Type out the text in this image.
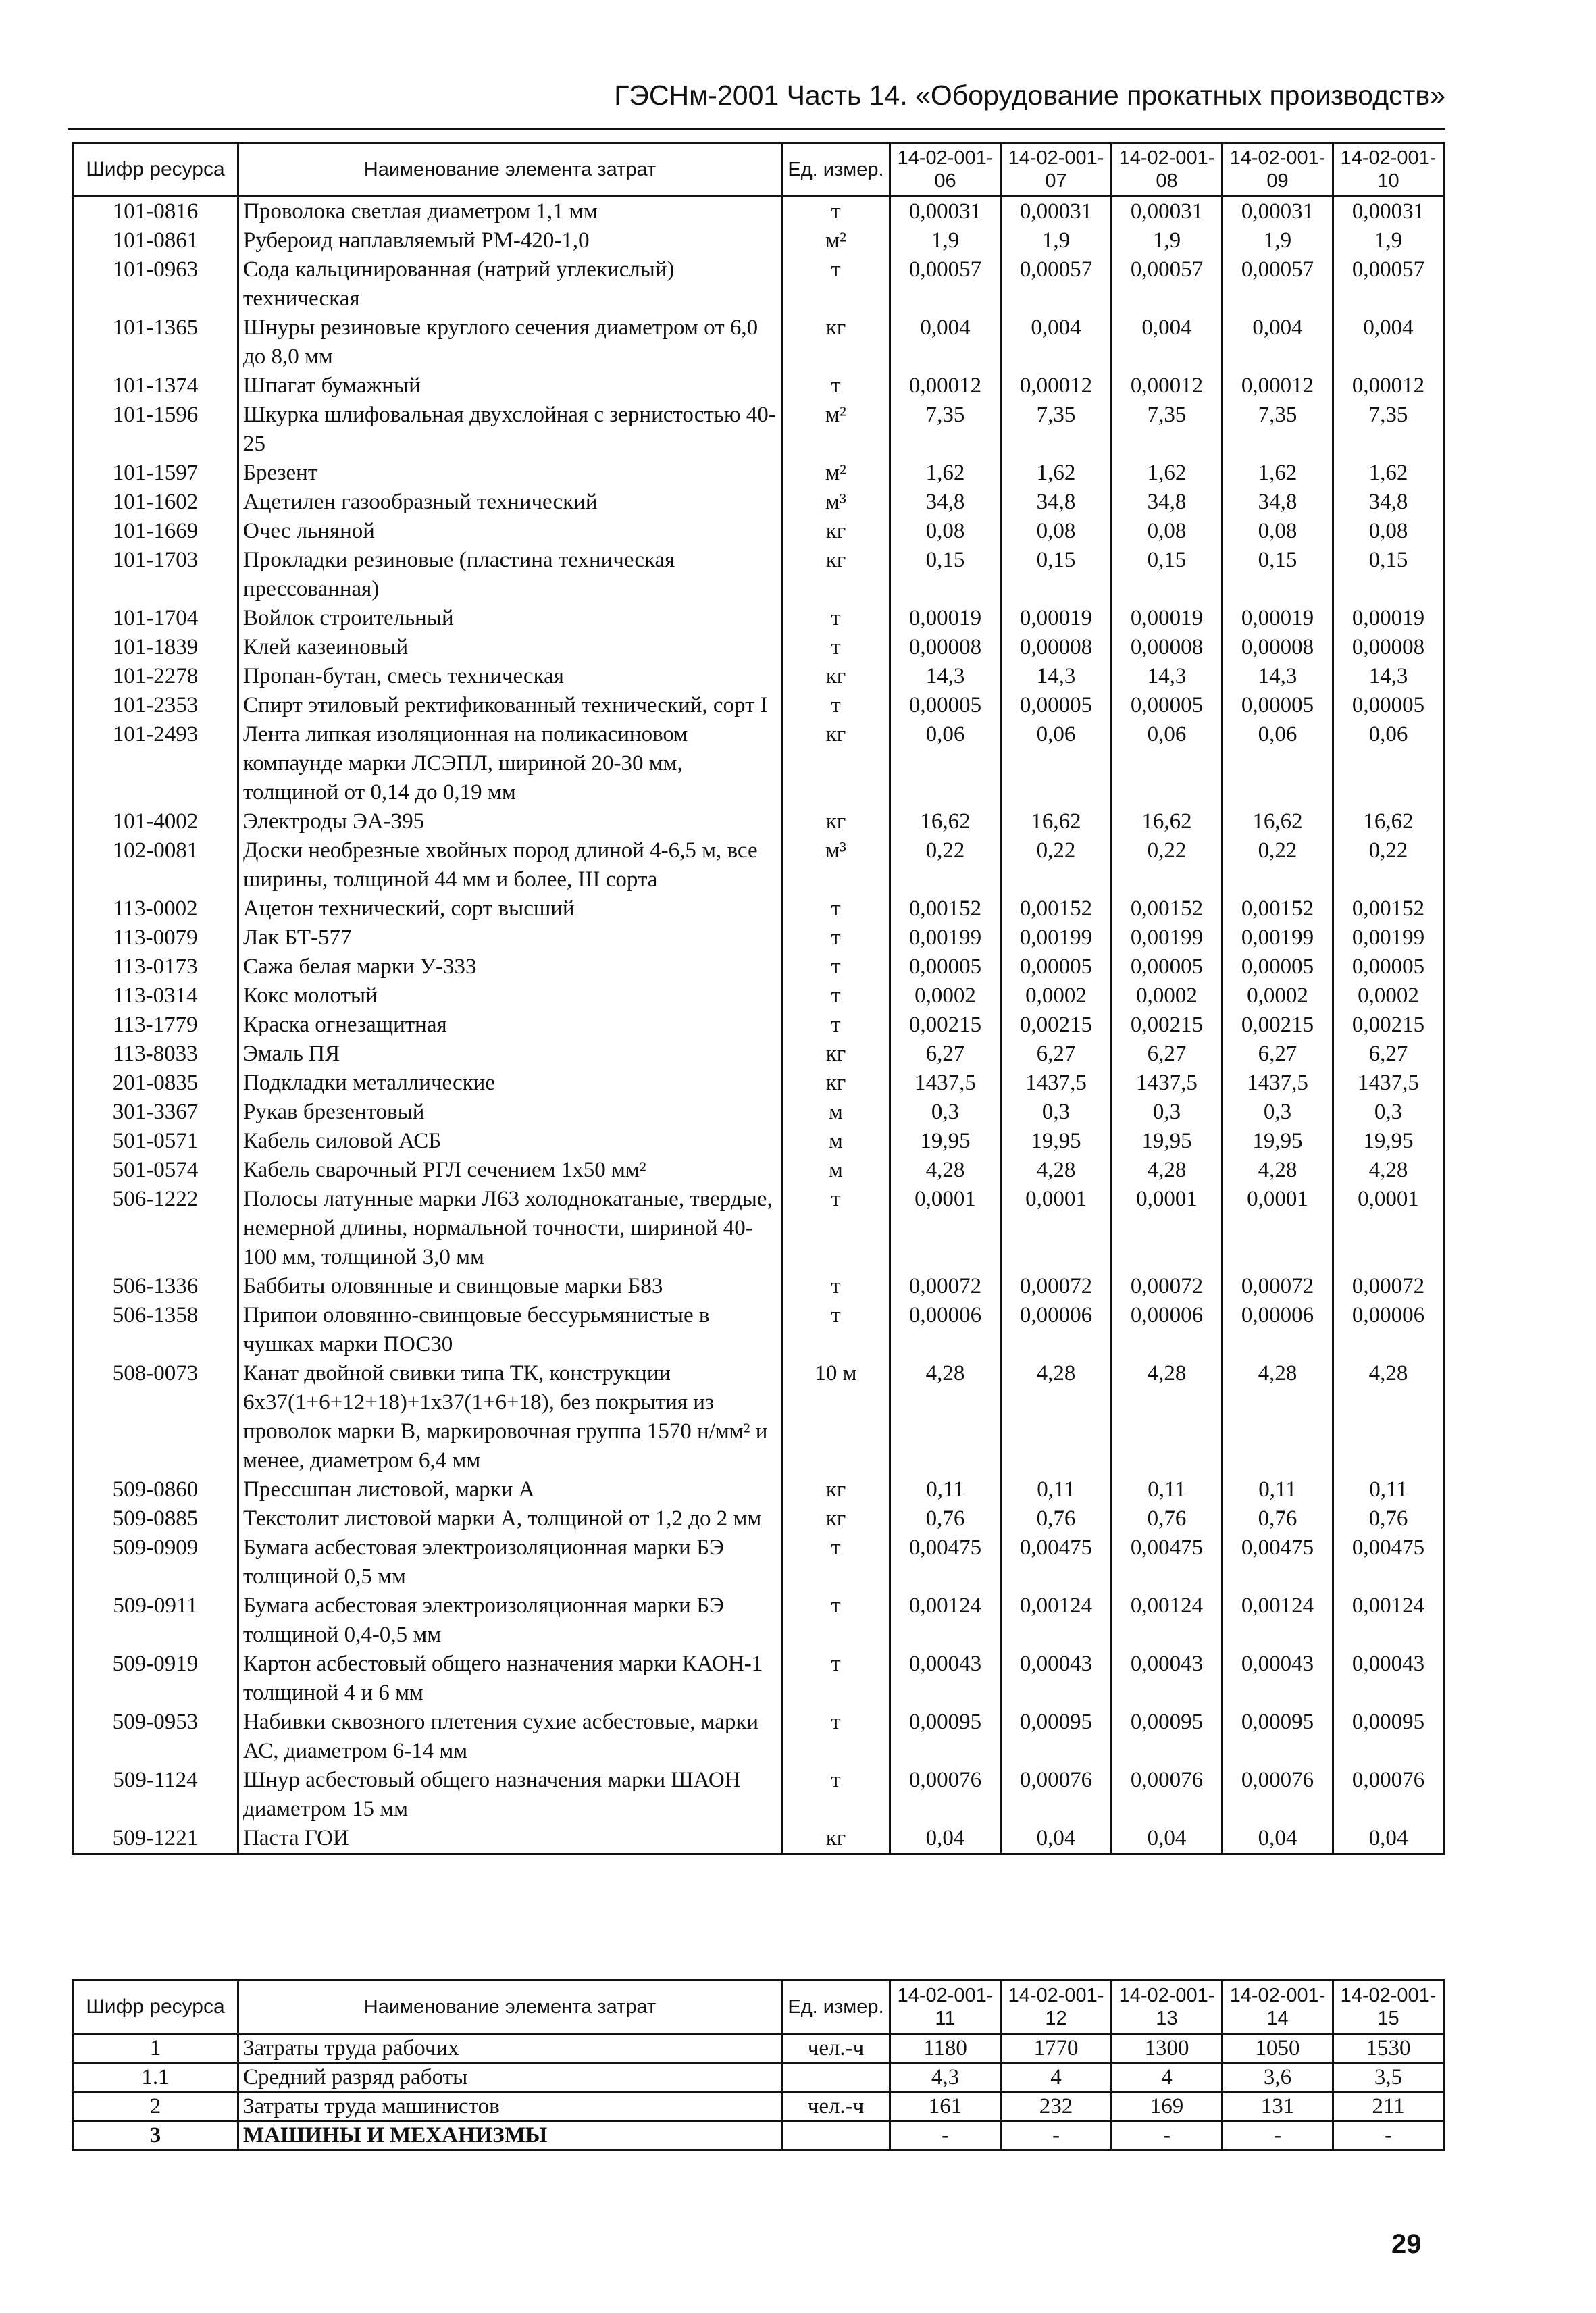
ГЭСНм-2001 Часть 14. «Оборудование прокатных производств»
Шифр ресурса	Наименование элемента затрат	Ед. измер.	14-02-001-06	14-02-001-07	14-02-001-08	14-02-001-09	14-02-001-10
101-0816	Проволока светлая диаметром 1,1 мм	т	0,00031	0,00031	0,00031	0,00031	0,00031
101-0861	Рубероид наплавляемый РМ-420-1,0	м²	1,9	1,9	1,9	1,9	1,9
101-0963	Сода кальцинированная (натрий углекислый) техническая	т	0,00057	0,00057	0,00057	0,00057	0,00057
101-1365	Шнуры резиновые круглого сечения диаметром от 6,0 до 8,0 мм	кг	0,004	0,004	0,004	0,004	0,004
101-1374	Шпагат бумажный	т	0,00012	0,00012	0,00012	0,00012	0,00012
101-1596	Шкурка шлифовальная двухслойная с зернистостью 40-25	м²	7,35	7,35	7,35	7,35	7,35
101-1597	Брезент	м²	1,62	1,62	1,62	1,62	1,62
101-1602	Ацетилен газообразный технический	м³	34,8	34,8	34,8	34,8	34,8
101-1669	Очес льняной	кг	0,08	0,08	0,08	0,08	0,08
101-1703	Прокладки резиновые (пластина техническая прессованная)	кг	0,15	0,15	0,15	0,15	0,15
101-1704	Войлок строительный	т	0,00019	0,00019	0,00019	0,00019	0,00019
101-1839	Клей казеиновый	т	0,00008	0,00008	0,00008	0,00008	0,00008
101-2278	Пропан-бутан, смесь техническая	кг	14,3	14,3	14,3	14,3	14,3
101-2353	Спирт этиловый ректификованный технический, сорт I	т	0,00005	0,00005	0,00005	0,00005	0,00005
101-2493	Лента липкая изоляционная на поликасиновом компаунде марки ЛСЭПЛ, шириной 20-30 мм, толщиной от 0,14 до 0,19 мм	кг	0,06	0,06	0,06	0,06	0,06
101-4002	Электроды ЭА-395	кг	16,62	16,62	16,62	16,62	16,62
102-0081	Доски необрезные хвойных пород длиной 4-6,5 м, все ширины, толщиной 44 мм и более, III сорта	м³	0,22	0,22	0,22	0,22	0,22
113-0002	Ацетон технический, сорт высший	т	0,00152	0,00152	0,00152	0,00152	0,00152
113-0079	Лак БТ-577	т	0,00199	0,00199	0,00199	0,00199	0,00199
113-0173	Сажа белая марки У-333	т	0,00005	0,00005	0,00005	0,00005	0,00005
113-0314	Кокс молотый	т	0,0002	0,0002	0,0002	0,0002	0,0002
113-1779	Краска огнезащитная	т	0,00215	0,00215	0,00215	0,00215	0,00215
113-8033	Эмаль ПЯ	кг	6,27	6,27	6,27	6,27	6,27
201-0835	Подкладки металлические	кг	1437,5	1437,5	1437,5	1437,5	1437,5
301-3367	Рукав брезентовый	м	0,3	0,3	0,3	0,3	0,3
501-0571	Кабель силовой АСБ	м	19,95	19,95	19,95	19,95	19,95
501-0574	Кабель сварочный РГЛ сечением 1х50 мм²	м	4,28	4,28	4,28	4,28	4,28
506-1222	Полосы латунные марки Л63 холоднокатаные, твердые, немерной длины, нормальной точности, шириной 40-100 мм, толщиной 3,0 мм	т	0,0001	0,0001	0,0001	0,0001	0,0001
506-1336	Баббиты оловянные и свинцовые марки Б83	т	0,00072	0,00072	0,00072	0,00072	0,00072
506-1358	Припои оловянно-свинцовые бессурьмянистые в чушках марки ПОС30	т	0,00006	0,00006	0,00006	0,00006	0,00006
508-0073	Канат двойной свивки типа ТК, конструкции 6х37(1+6+12+18)+1х37(1+6+18), без покрытия из проволок марки В, маркировочная группа 1570 н/мм² и менее, диаметром 6,4 мм	10 м	4,28	4,28	4,28	4,28	4,28
509-0860	Прессшпан листовой, марки А	кг	0,11	0,11	0,11	0,11	0,11
509-0885	Текстолит листовой марки А, толщиной от 1,2 до 2 мм	кг	0,76	0,76	0,76	0,76	0,76
509-0909	Бумага асбестовая электроизоляционная марки БЭ толщиной 0,5 мм	т	0,00475	0,00475	0,00475	0,00475	0,00475
509-0911	Бумага асбестовая электроизоляционная марки БЭ толщиной 0,4-0,5 мм	т	0,00124	0,00124	0,00124	0,00124	0,00124
509-0919	Картон асбестовый общего назначения марки КАОН-1 толщиной 4 и 6 мм	т	0,00043	0,00043	0,00043	0,00043	0,00043
509-0953	Набивки сквозного плетения сухие асбестовые, марки АС, диаметром 6-14 мм	т	0,00095	0,00095	0,00095	0,00095	0,00095
509-1124	Шнур асбестовый общего назначения марки ШАОН диаметром 15 мм	т	0,00076	0,00076	0,00076	0,00076	0,00076
509-1221	Паста ГОИ	кг	0,04	0,04	0,04	0,04	0,04
Шифр ресурса	Наименование элемента затрат	Ед. измер.	14-02-001-11	14-02-001-12	14-02-001-13	14-02-001-14	14-02-001-15
1	Затраты труда рабочих	чел.-ч	1180	1770	1300	1050	1530
1.1	Средний разряд работы		4,3	4	4	3,6	3,5
2	Затраты труда машинистов	чел.-ч	161	232	169	131	211
3	МАШИНЫ И МЕХАНИЗМЫ		-	-	-	-	-
29
